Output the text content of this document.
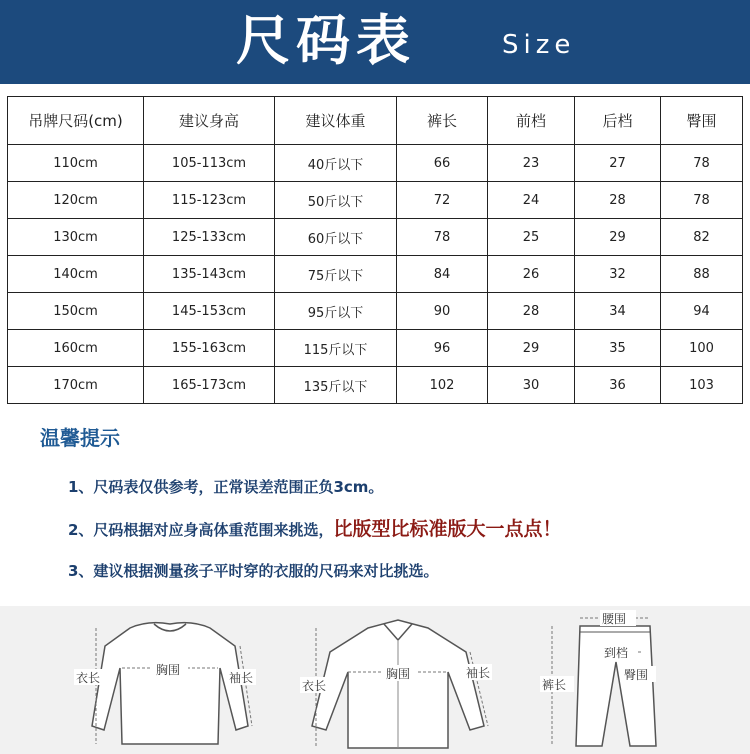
尺码表	Size
吊牌尺码(cm)	建议身高	建议体重	裤长	前档	后档	臀围
110cm	105-113cm	40斤以下	66	23	27	78
120cm	115-123cm	50斤以下	72	24	28	78
130cm	125-133cm	60斤以下	78	25	29	82
140cm	135-143cm	75斤以下	84	26	32	88
150cm	145-153cm	95斤以下	90	28	34	94
160cm	155-163cm	115斤以下	96	29	35	100
170cm	165-173cm	135斤以下	102	30	36	103
温馨提示
1、尺码表仅供参考，正常误差范围正负3cm。
2、尺码根据对应身高体重范围来挑选，比版型比标准版大一点点！
3、建议根据测量孩子平时穿的衣服的尺码来对比挑选。
衣长
胸围
袖长
衣长
胸围	袖长
腰围
到档
裤长
臀围
